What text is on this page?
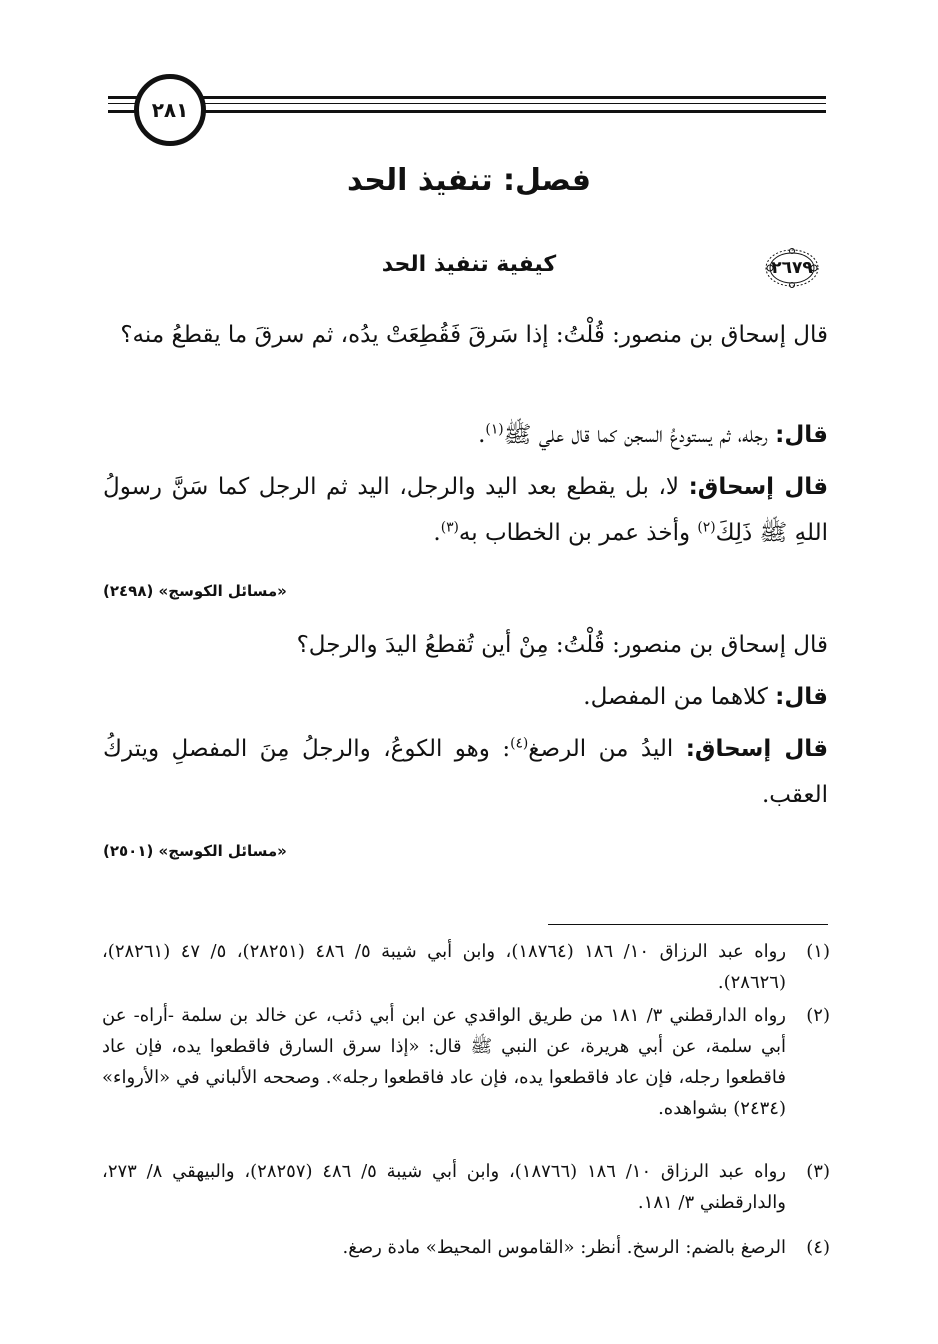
٢٨١
فصل: تنفيذ الحد
٢٦٧٩
كيفية تنفيذ الحد
قال إسحاق بن منصور: قُلْتُ: إذا سَرقَ فَقُطِعَتْ يدُه، ثم سرقَ ما يقطعُ منه؟
قال: رجله، ثم يستودعُ السجن كما قال علي ﷺ$^{(١)}$.
قال إسحاق: لا، بل يقطع بعد اليد والرجل، اليد ثم الرجل كما سَنَّ رسولُ اللهِ ﷺ ذَلِكَ$^{(٢)}$ وأخذ عمر بن الخطاب به$^{(٣)}$.
«مسائل الكوسج» (٢٤٩٨)
قال إسحاق بن منصور: قُلْتُ: مِنْ أين تُقطعُ اليدَ والرجل؟
قال: كلاهما من المفصل.
قال إسحاق: اليدُ من الرصغ$^{(٤)}$: وهو الكوعُ، والرجلُ مِنَ المفصلِ ويتركُ العقب.
«مسائل الكوسج» (٢٥٠١)
(١)
رواه عبد الرزاق ١٠/ ١٨٦ (١٨٧٦٤)، وابن أبي شيبة ٥/ ٤٨٦ (٢٨٢٥١)، ٥/ ٤٧ (٢٨٢٦١)، (٢٨٦٢٦).
(٢)
رواه الدارقطني ٣/ ١٨١ من طريق الواقدي عن ابن أبي ذئب، عن خالد بن سلمة -أراه- عن أبي سلمة، عن أبي هريرة، عن النبي ﷺ قال: «إذا سرق السارق فاقطعوا يده، فإن عاد فاقطعوا رجله، فإن عاد فاقطعوا يده، فإن عاد فاقطعوا رجله». وصححه الألباني في «الأرواء» (٢٤٣٤) بشواهده.
(٣)
رواه عبد الرزاق ١٠/ ١٨٦ (١٨٧٦٦)، وابن أبي شيبة ٥/ ٤٨٦ (٢٨٢٥٧)، والبيهقي ٨/ ٢٧٣، والدارقطني ٣/ ١٨١.
(٤)
الرصغ بالضم: الرسخ. أنظر: «القاموس المحيط» مادة رصغ.
